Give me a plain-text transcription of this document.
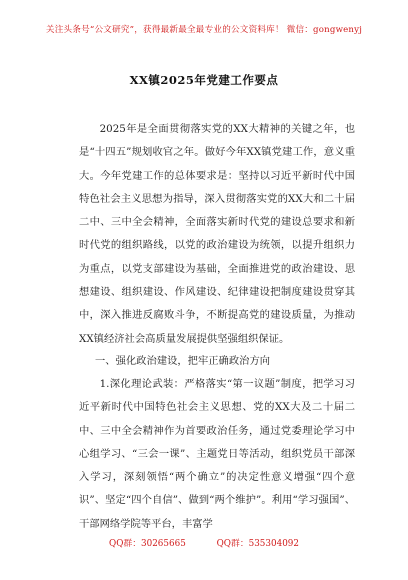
关注头条号“公文研究”，获得最新最全最专业的公文资料库！ 微信：gongwenyj
XX镇2025年党建工作要点
2025年是全面贯彻落实党的XX大精神的关键之年，也是“十四五”规划收官之年。做好今年XX镇党建工作，意义重大。今年党建工作的总体要求是：坚持以习近平新时代中国特色社会主义思想为指导，深入贯彻落实党的XX大和二十届二中、三中全会精神，全面落实新时代党的建设总要求和新时代党的组织路线，以党的政治建设为统领，以提升组织力为重点，以党支部建设为基础，全面推进党的政治建设、思想建设、组织建设、作风建设、纪律建设把制度建设贯穿其中，深入推进反腐败斗争，不断提高党的建设质量，为推动XX镇经济社会高质量发展提供坚强组织保证。
一、强化政治建设，把牢正确政治方向
1.深化理论武装：严格落实“第一议题”制度，把学习习近平新时代中国特色社会主义思想、党的XX大及二十届二中、三中全会精神作为首要政治任务，通过党委理论学习中心组学习、“三会一课”、主题党日等活动，组织党员干部深入学习，深刻领悟“两个确立”的决定性意义增强“四个意识”、坚定“四个自信”、做到“两个维护”。利用“学习强国”、干部网络学院等平台，丰富学
QQ群：30265665	QQ群：535304092
